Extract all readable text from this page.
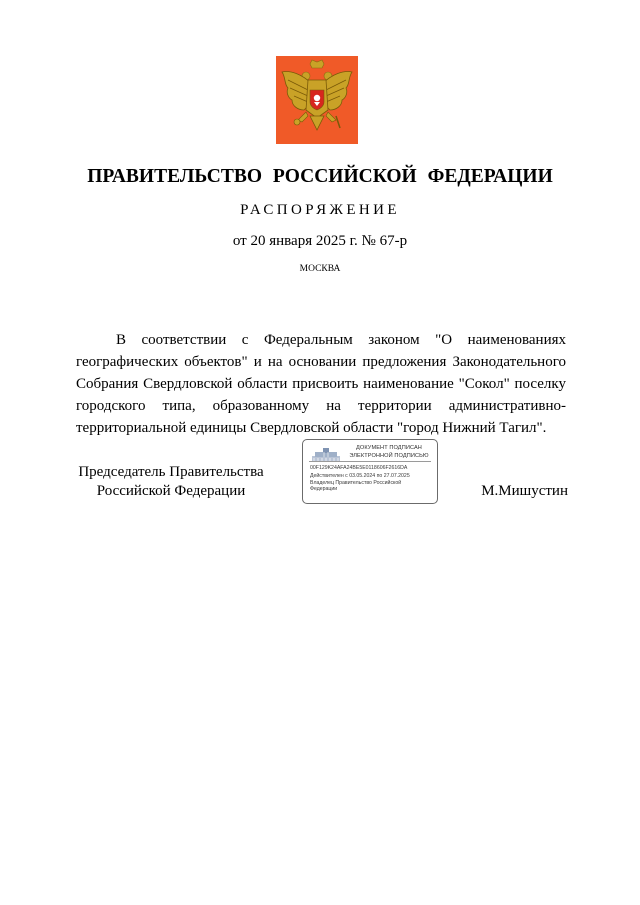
ПРАВИТЕЛЬСТВО РОССИЙСКОЙ ФЕДЕРАЦИИ
РАСПОРЯЖЕНИЕ
от 20 января 2025 г. № 67-р
МОСКВА
В соответствии с Федеральным законом "О наименованиях географических объектов" и на основании предложения Законодательного Собрания Свердловской области присвоить наименование "Сокол" поселку городского типа, образованному на территории административно-территориальной единицы Свердловской области "город Нижний Тагил".
Председатель Правительства
Российской Федерации
ДОКУМЕНТ ПОДПИСАН
ЭЛЕКТРОННОЙ ПОДПИСЬЮ
00F129K24AFA24BE5E0118606F2616DA
Действителен с 03.05.2024 по 27.07.2025
Владелец Правительство Российской
Федерации	М.Мишустин
